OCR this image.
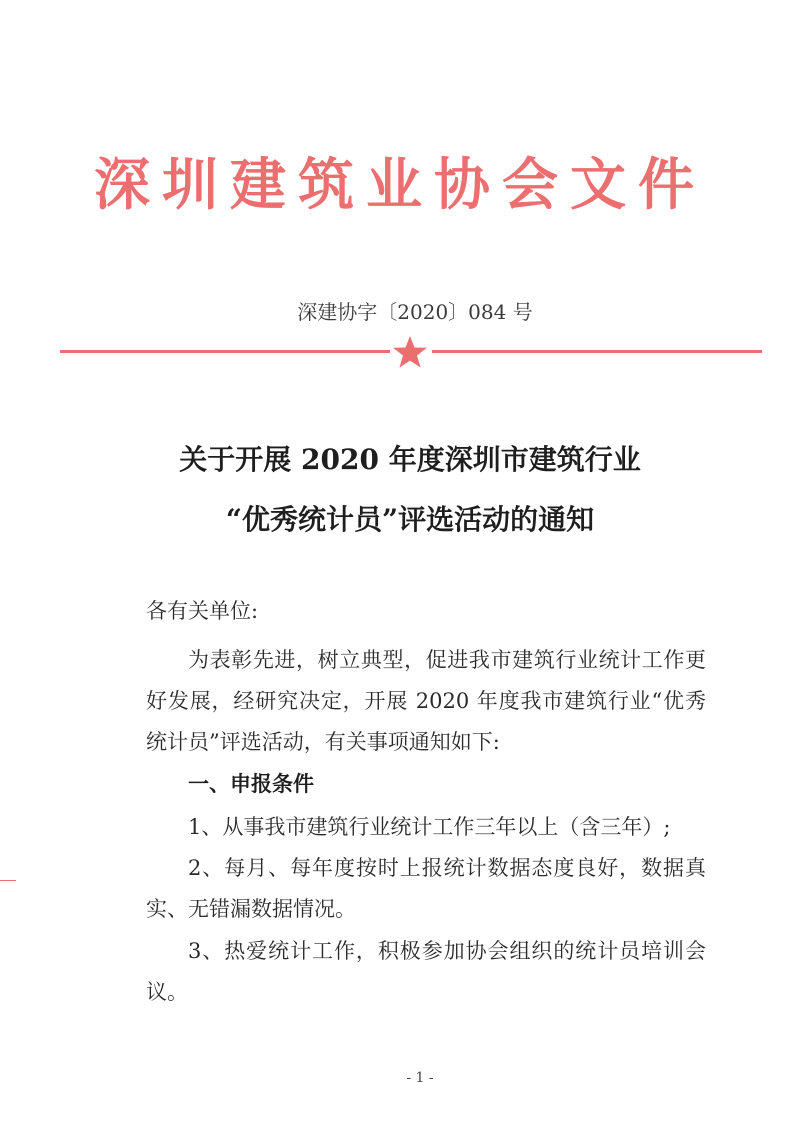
深圳建筑业协会文件
深建协字〔2020〕084 号
关于开展 2020 年度深圳市建筑行业
“优秀统计员”评选活动的通知
各有关单位:
为表彰先进，树立典型，促进我市建筑行业统计工作更好发展，经研究决定，开展 2020 年度我市建筑行业“优秀统计员”评选活动，有关事项通知如下:
一、申报条件
1、从事我市建筑行业统计工作三年以上（含三年）;
2、每月、每年度按时上报统计数据态度良好，数据真实、无错漏数据情况。
3、热爱统计工作，积极参加协会组织的统计员培训会议。
- 1 -
